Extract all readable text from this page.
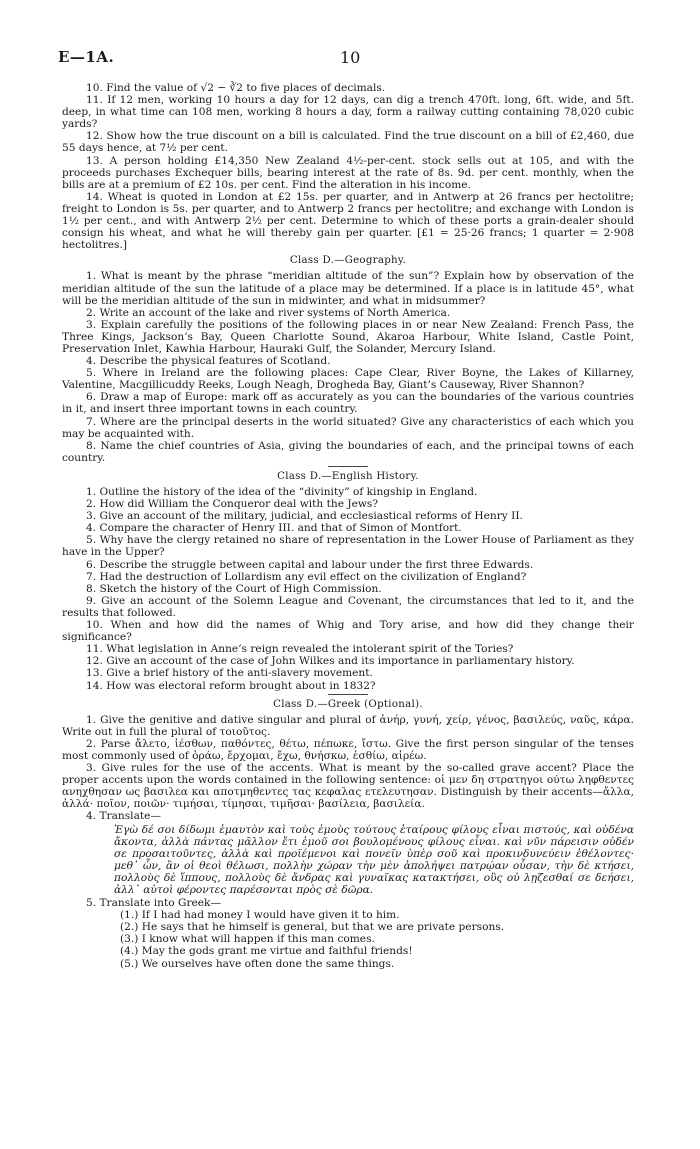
E—1A.	10

10. Find the value of √2 − ∛2 to five places of decimals.

11. If 12 men, working 10 hours a day for 12 days, can dig a trench 470ft. long, 6ft. wide, and 5ft. deep, in what time can 108 men, working 8 hours a day, form a railway cutting containing 78,020 cubic yards?

12. Show how the true discount on a bill is calculated. Find the true discount on a bill of £2,460, due 55 days hence, at 7½ per cent.

13. A person holding £14,350 New Zealand 4½-per-cent. stock sells out at 105, and with the proceeds purchases Exchequer bills, bearing interest at the rate of 8s. 9d. per cent. monthly, when the bills are at a premium of £2 10s. per cent. Find the alteration in his income.

14. Wheat is quoted in London at £2 15s. per quarter, and in Antwerp at 26 francs per hectolitre; freight to London is 5s. per quarter, and to Antwerp 2 francs per hectolitre; and exchange with London is 1½ per cent., and with Antwerp 2½ per cent. Determine to which of these ports a grain-dealer should consign his wheat, and what he will thereby gain per quarter. [£1 = 25·26 francs; 1 quarter = 2·908 hectolitres.]

Class D.—Geography.

1. What is meant by the phrase “meridian altitude of the sun”? Explain how by observation of the meridian altitude of the sun the latitude of a place may be determined. If a place is in latitude 45°, what will be the meridian altitude of the sun in midwinter, and what in midsummer?

2. Write an account of the lake and river systems of North America.

3. Explain carefully the positions of the following places in or near New Zealand: French Pass, the Three Kings, Jackson’s Bay, Queen Charlotte Sound, Akaroa Harbour, White Island, Castle Point, Preservation Inlet, Kawhia Harbour, Hauraki Gulf, the Solander, Mercury Island.

4. Describe the physical features of Scotland.

5. Where in Ireland are the following places: Cape Clear, River Boyne, the Lakes of Killarney, Valentine, Macgillicuddy Reeks, Lough Neagh, Drogheda Bay, Giant’s Causeway, River Shannon?

6. Draw a map of Europe: mark off as accurately as you can the boundaries of the various countries in it, and insert three important towns in each country.

7. Where are the principal deserts in the world situated? Give any characteristics of each which you may be acquainted with.

8. Name the chief countries of Asia, giving the boundaries of each, and the principal towns of each country.

Class D.—English History.

1. Outline the history of the idea of the “divinity” of kingship in England.

2. How did William the Conqueror deal with the Jews?

3. Give an account of the military, judicial, and ecclesiastical reforms of Henry II.

4. Compare the character of Henry III. and that of Simon of Montfort.

5. Why have the clergy retained no share of representation in the Lower House of Parliament as they have in the Upper?

6. Describe the struggle between capital and labour under the first three Edwards.

7. Had the destruction of Lollardism any evil effect on the civilization of England?

8. Sketch the history of the Court of High Commission.

9. Give an account of the Solemn League and Covenant, the circumstances that led to it, and the results that followed.

10. When and how did the names of Whig and Tory arise, and how did they change their significance?

11. What legislation in Anne’s reign revealed the intolerant spirit of the Tories?

12. Give an account of the case of John Wilkes and its importance in parliamentary history.

13. Give a brief history of the anti-slavery movement.

14. How was electoral reform brought about in 1832?

Class D.—Greek (Optional).

1. Give the genitive and dative singular and plural of ἀνήρ, γυνή, χείρ, γένος, βασιλεύς, ναῦς, κάρα. Write out in full the plural of τοιοῦτος.

2. Parse ἄλετο, ἰέσθων, παθόντες, θέτω, πέπωκε, ἴστω. Give the first person singular of the tenses most commonly used of ὁράω, ἔρχομαι, ἔχω, θνήσκω, ἐσθίω, αἱρέω.

3. Give rules for the use of the accents. What is meant by the so-called grave accent? Place the proper accents upon the words contained in the following sentence: οἱ μεν δη στρατηγοι ούτω ληφθεντες ανηχθησαν ως βασιλεα και αποτμηθεντες τας κεφαλας ετελευτησαν. Distinguish by their accents—ἄλλα, ἀλλά· ποῖον, ποιῶν· τιμήσαι, τίμησαι, τιμῆσαι· βασίλεια, βασιλεία.

4. Translate—

Ἐγὼ δέ σοι δίδωμι ἐμαυτὸν καὶ τοὺς ἐμοὺς τούτους ἑταίρους φίλους εἶναι πιστούς, καὶ οὐδένα ἄκοντα, ἀλλὰ πάντας μᾶλλον ἔτι ἐμοῦ σοι βουλομένους φίλους εἶναι. καὶ νῦν πάρεισιν οὐδέν σε προσαιτοῦντες, ἀλλὰ καὶ προϊέμενοι καὶ πονεῖν ὑπὲρ σοῦ καὶ προκινδυνεύειν ἐθέλοντες· μεθ᾽ ὧν, ἂν οἱ θεοὶ θέλωσι, πολλὴν χώραν τὴν μὲν ἀπολήψει πατρῴαν οὖσαν, τὴν δὲ κτήσει, πολλοὺς δὲ ἵππους, πολλοὺς δὲ ἄνδρας καὶ γυναῖκας κατακτήσει, οὓς οὐ λῃζεσθαί σε δεήσει, ἀλλ᾽ αὐτοὶ φέροντες παρέσονται πρὸς σὲ δῶρα.

5. Translate into Greek—

(1.) If I had had money I would have given it to him.
(2.) He says that he himself is general, but that we are private persons.
(3.) I know what will happen if this man comes.
(4.) May the gods grant me virtue and faithful friends!
(5.) We ourselves have often done the same things.
